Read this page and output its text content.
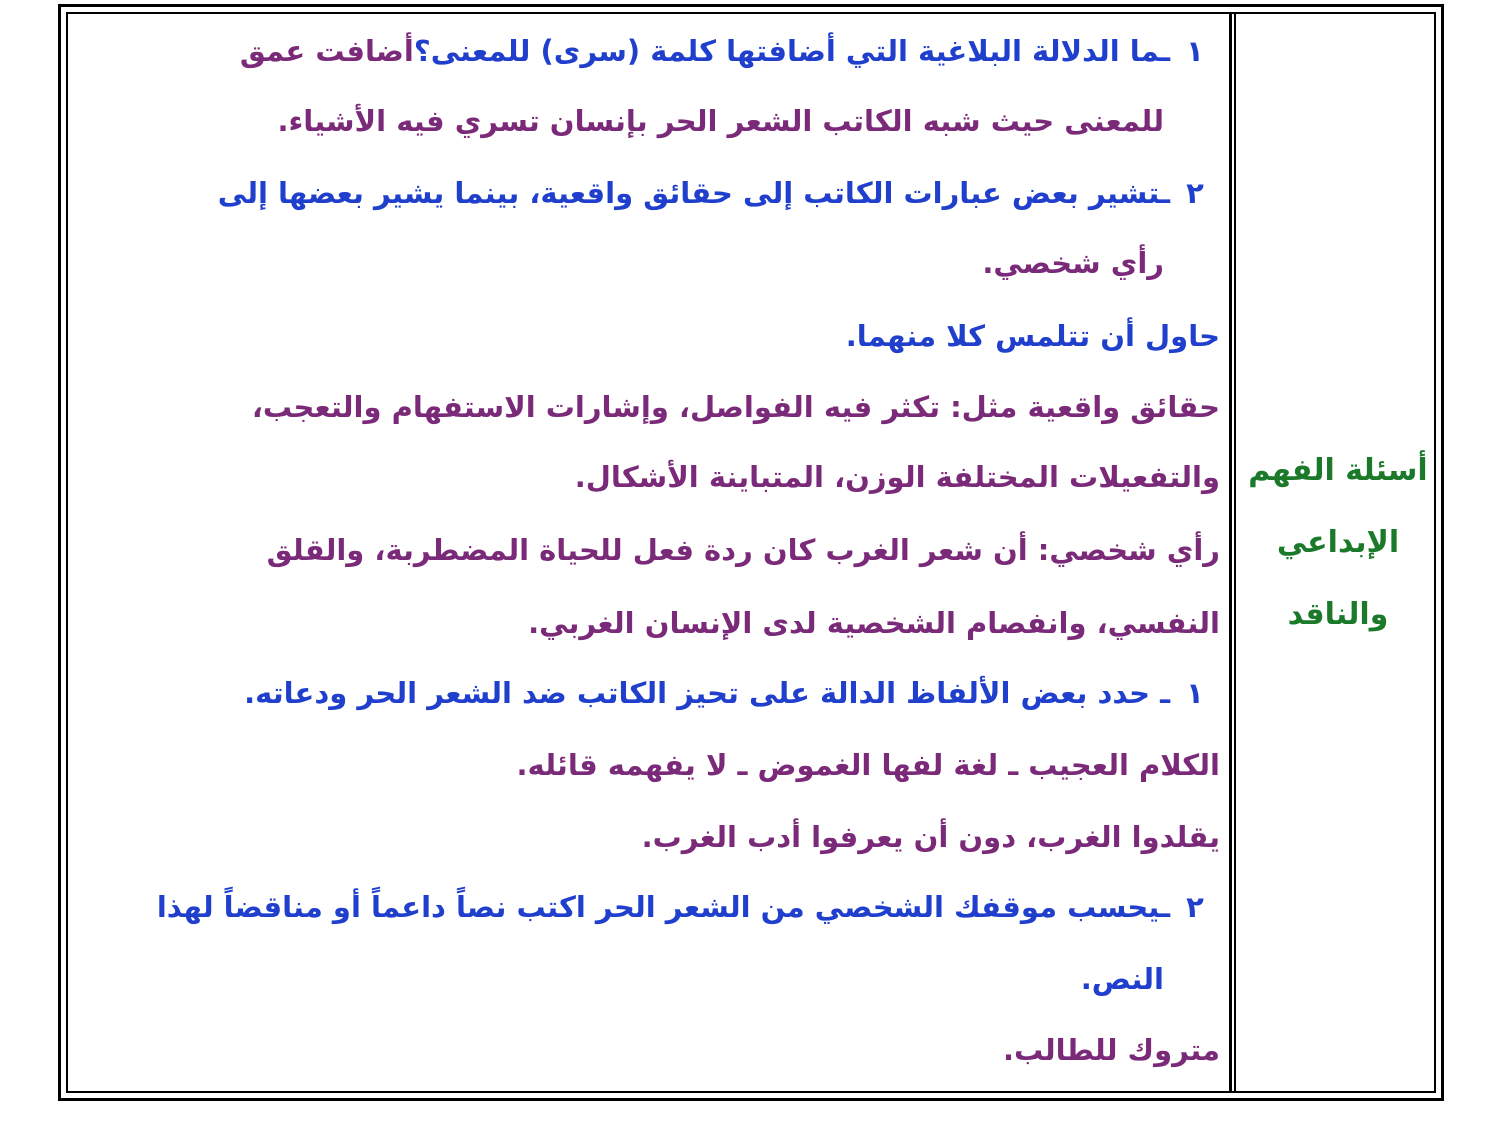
١ـما الدلالة البلاغية التي أضافتها كلمة (سرى) للمعنى؟أضافت عمق
للمعنى حيث شبه الكاتب الشعر الحر بإنسان تسري فيه الأشياء.
٢ـتشير بعض عبارات الكاتب إلى حقائق واقعية، بينما يشير بعضها إلى
رأي شخصي.
حاول أن تتلمس كلا منهما.
حقائق واقعية مثل: تكثر فيه الفواصل، وإشارات الاستفهام والتعجب،
والتفعيلات المختلفة الوزن، المتباينة الأشكال.
رأي شخصي: أن شعر الغرب كان ردة فعل للحياة المضطربة، والقلق
النفسي، وانفصام الشخصية لدى الإنسان الغربي.
١ـ حدد بعض الألفاظ الدالة على تحيز الكاتب ضد الشعر الحر ودعاته.
الكلام العجيب ـ لغة لفها الغموض ـ لا يفهمه قائله.
يقلدوا الغرب، دون أن يعرفوا أدب الغرب.
٢ـيحسب موقفك الشخصي من الشعر الحر اكتب نصاً داعماً أو مناقضاً لهذا
النص.
متروك للطالب.
أسئلة الفهم
الإبداعي
والناقد
